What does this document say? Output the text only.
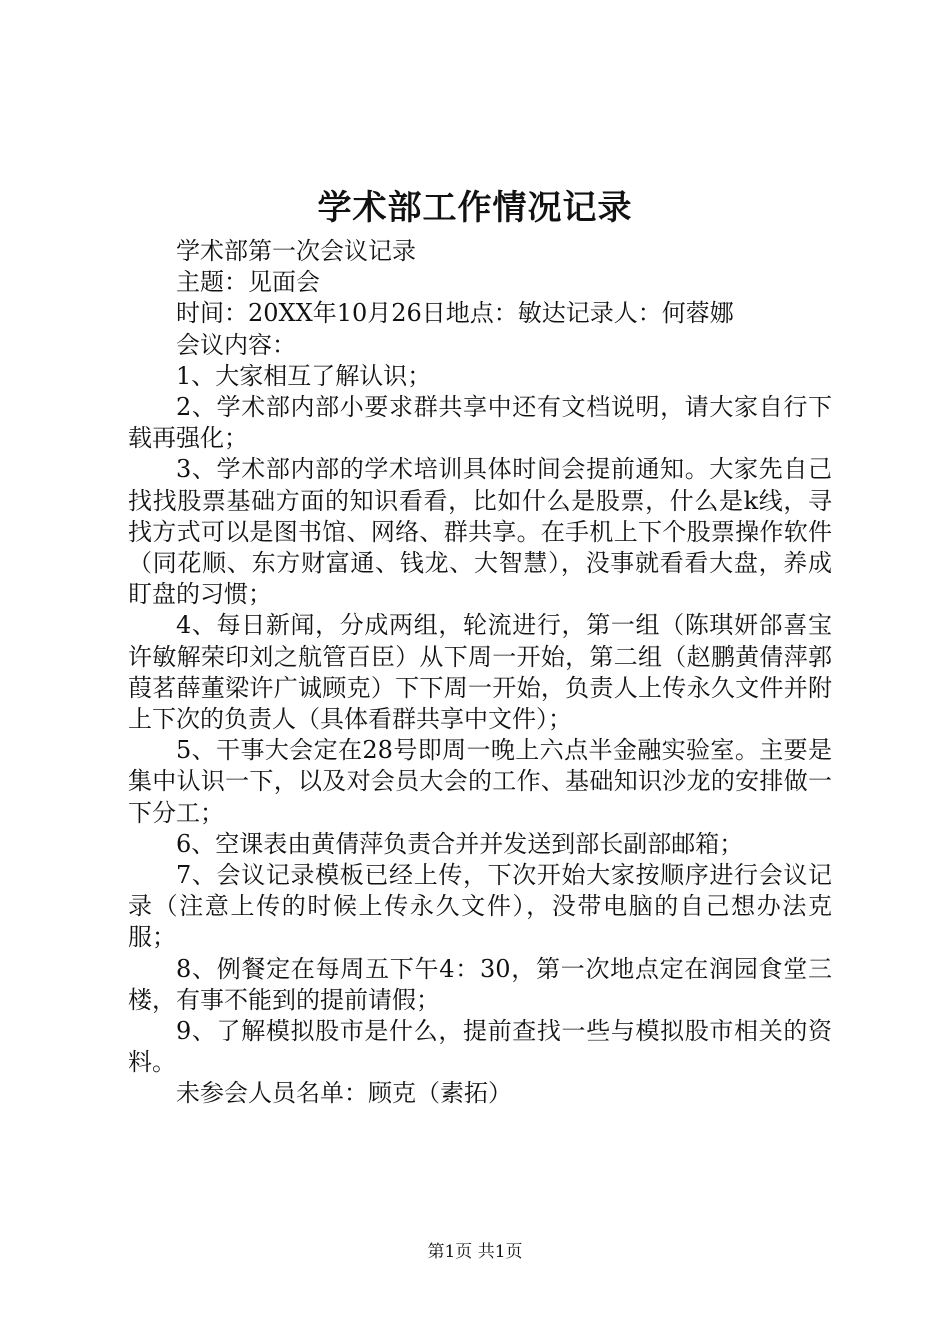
学术部工作情况记录

学术部第一次会议记录

主题：见面会

时间：20XX年10月26日地点：敏达记录人：何蓉娜

会议内容：

1、大家相互了解认识；

2、学术部内部小要求群共享中还有文档说明，请大家自行下载再强化；

3、学术部内部的学术培训具体时间会提前通知。大家先自己找找股票基础方面的知识看看，比如什么是股票，什么是k线，寻找方式可以是图书馆、网络、群共享。在手机上下个股票操作软件（同花顺、东方财富通、钱龙、大智慧），没事就看看大盘，养成盯盘的习惯；

4、每日新闻，分成两组，轮流进行，第一组（陈琪妍郃喜宝许敏解荣印刘之航管百臣）从下周一开始，第二组（赵鹏黄倩萍郭葭茗薛董梁许广诚顾克）下下周一开始，负责人上传永久文件并附上下次的负责人（具体看群共享中文件）；

5、干事大会定在28号即周一晚上六点半金融实验室。主要是集中认识一下，以及对会员大会的工作、基础知识沙龙的安排做一下分工；

6、空课表由黄倩萍负责合并并发送到部长副部邮箱；

7、会议记录模板已经上传，下次开始大家按顺序进行会议记录（注意上传的时候上传永久文件），没带电脑的自己想办法克服；

8、例餐定在每周五下午4：30，第一次地点定在润园食堂三楼，有事不能到的提前请假；

9、了解模拟股市是什么，提前查找一些与模拟股市相关的资料。

未参会人员名单：顾克（素拓）

第1页 共1页
